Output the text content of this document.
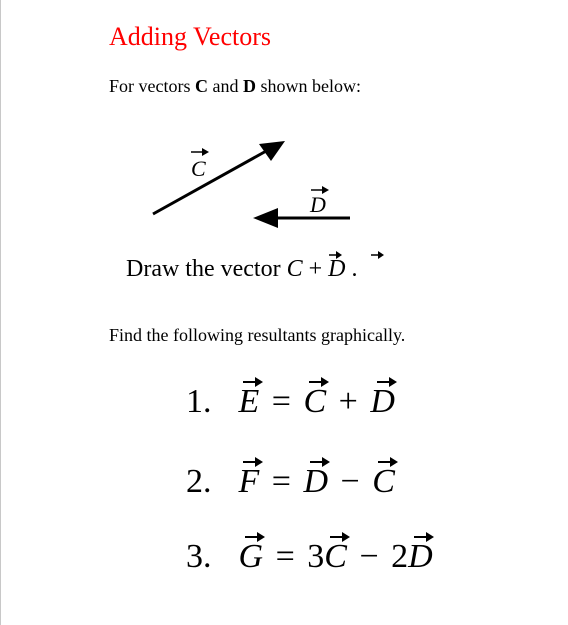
Adding Vectors
For vectors C and D shown below:
C
D
Draw the vector C + D .
Find the following resultants graphically.
1. E = C + D
2. F = D − C
3. G = 3C − 2D
